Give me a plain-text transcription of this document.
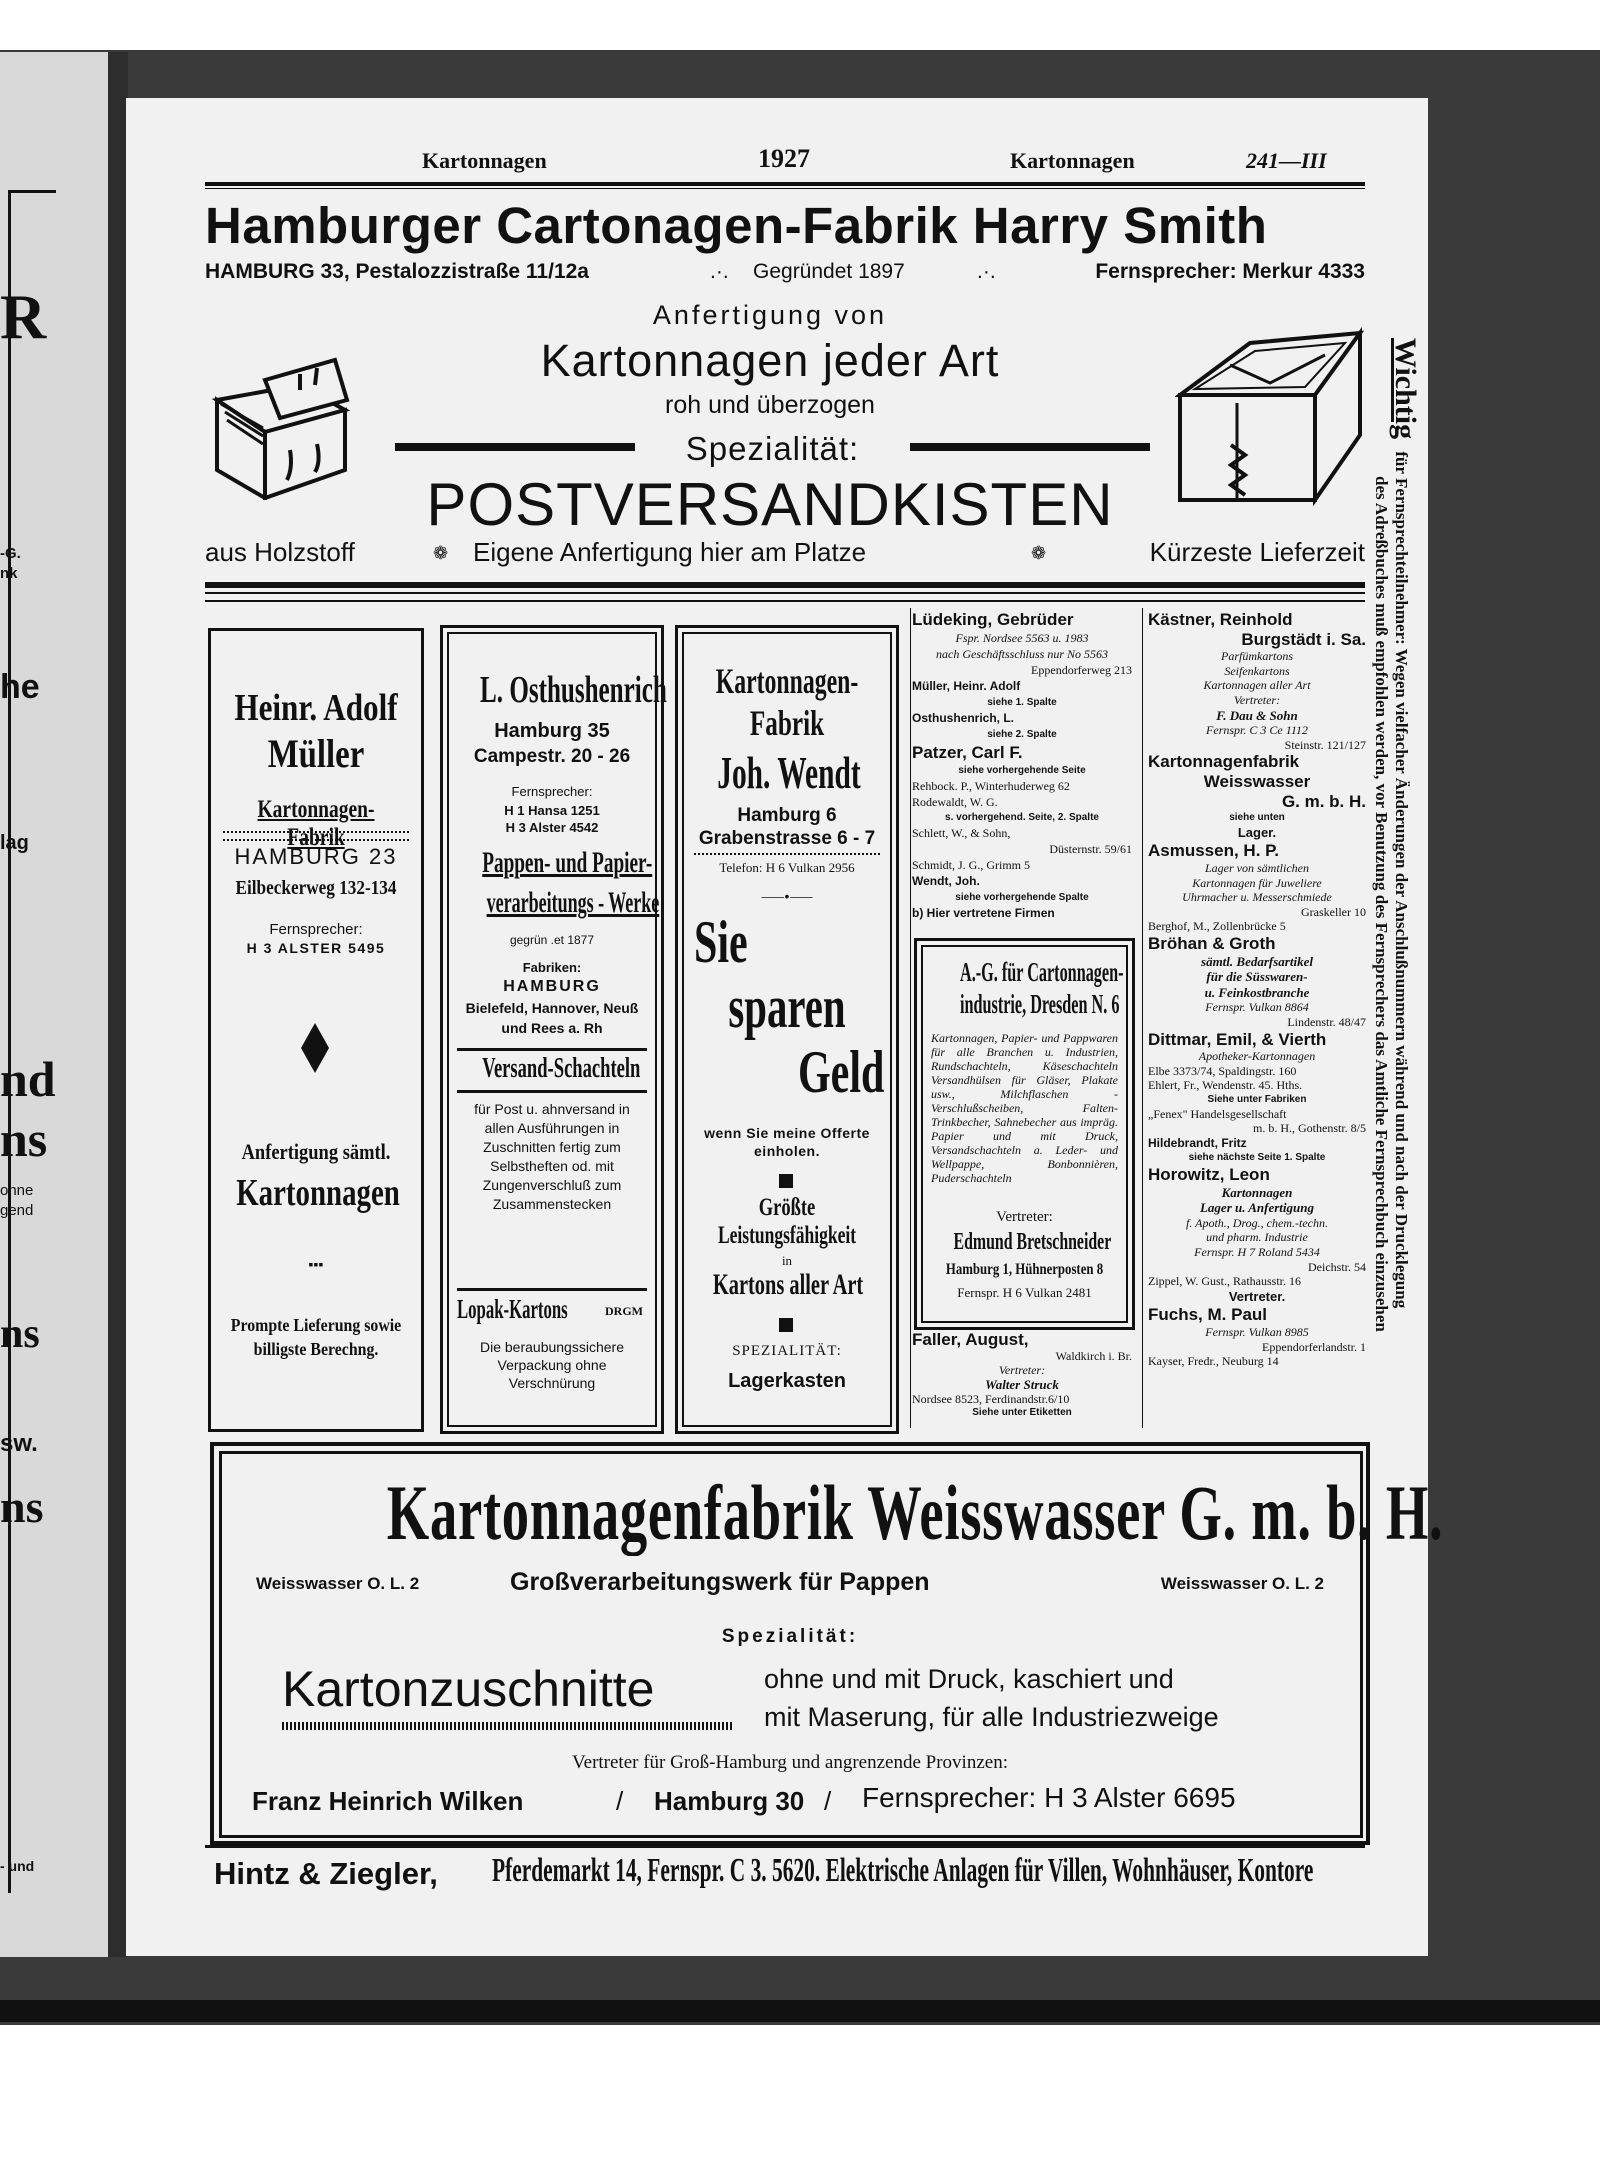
R
-G.
nk
he
lag
nd
ns
ohne
gend
ns
sw.
ns
- und
Kartonnagen	1927	Kartonnagen	241—III
Hamburger Cartonagen-Fabrik Harry Smith
HAMBURG 33, Pestalozzistraße 11/12a	.·. Gegründet 1897	.·.	Fernsprecher: Merkur 4333
Anfertigung von
Kartonnagen jeder Art
roh und überzogen
Spezialität:
POSTVERSANDKISTEN
aus Holzstoff	❁ Eigene Anfertigung hier am Platze	❁	Kürzeste Lieferzeit
Wichtig für Fernsprechteilnehmer: Wegen vielfacher Änderungen der Anschlußnummern während und nach der Drucklegung
des Adreßbuches muß empfohlen werden, vor Benutzung des Fernsprechers das Amtliche Fernsprechbuch einzusehen
Heinr. Adolf
Müller
Kartonnagen-Fabrik
HAMBURG 23
Eilbeckerweg 132-134
Fernsprecher:
H 3 ALSTER 5495
Anfertigung sämtl.
Kartonnagen
▪▪▪
Prompte Lieferung sowie billigste Berechng.
L. Osthushenrich
Hamburg 35
Campestr. 20 - 26
Fernsprecher:
H 1 Hansa 1251
H 3 Alster 4542
Pappen- und Papier-
verarbeitungs - Werke
gegrün .et 1877
Fabriken:
HAMBURG
Bielefeld, Hannover, Neuß
und Rees a. Rh
Versand-Schachteln
für Post u. ahnversand in allen Ausführungen in Zuschnitten fertig zum Selbstheften od. mit Zungenverschluß zum Zusammenstecken
Lopak-Kartons	DRGM
Die beraubungssichere Verpackung ohne Verschnürung
Kartonnagen-
Fabrik
Joh. Wendt
Hamburg 6
Grabenstrasse 6 - 7
Telefon: H 6 Vulkan 2956
⸺•⸺
Sie
sparen
Geld
wenn Sie meine Offerte einholen.
Größte
Leistungsfähigkeit
in
Kartons aller Art
SPEZIALITÄT:
Lagerkasten
Lüdeking, Gebrüder
Fspr. Nordsee 5563 u. 1983
nach Geschäftsschluss nur No 5563
Eppendorferweg 213
Müller, Heinr. Adolf
siehe 1. Spalte
Osthushenrich, L.
siehe 2. Spalte
Patzer, Carl F.
siehe vorhergehende Seite
Rehbock. P., Winterhuderweg 62
Rodewaldt, W. G.
s. vorhergehend. Seite, 2. Spalte
Schlett, W., & Sohn,
Düsternstr. 59/61
Schmidt, J. G., Grimm 5
Wendt, Joh.
siehe vorhergehende Spalte
b) Hier vertretene Firmen
A.-G. für Cartonnagen-
industrie, Dresden N. 6
Kartonnagen, Papier- und Pappwaren für alle Branchen u. Industrien, Rundschachteln, Käseschachteln Versandhülsen für Gläser, Plakate usw., Milchflaschen - Verschlußscheiben, Falten-Trinkbecher, Sahnebecher aus impräg. Papier und mit Druck, Versandschachteln a. Leder- und Wellpappe, Bonbonnièren, Puderschachteln
Vertreter:
Edmund Bretschneider
Hamburg 1, Hühnerposten 8
Fernspr. H 6 Vulkan 2481
Faller, August,
Waldkirch i. Br.
Vertreter:
Walter Struck
Nordsee 8523, Ferdinandstr.6/10
Siehe unter Etiketten
Kästner, Reinhold
Burgstädt i. Sa.
Parfümkartons
Seifenkartons
Kartonnagen aller Art
Vertreter:
F. Dau & Sohn
Fernspr. C 3 Ce 1112
Steinstr. 121/127
Kartonnagenfabrik
Weisswasser
G. m. b. H.
siehe unten
Lager.
Asmussen, H. P.
Lager von sämtlichen
Kartonnagen für Juweliere
Uhrmacher u. Messerschmiede
Graskeller 10
Berghof, M., Zollenbrücke 5
Bröhan & Groth
sämtl. Bedarfsartikel
für die Süsswaren-
u. Feinkostbranche
Fernspr. Vulkan 8864
Lindenstr. 48/47
Dittmar, Emil, & Vierth
Apotheker-Kartonnagen
Elbe 3373/74, Spaldingstr. 160
Ehlert, Fr., Wendenstr. 45. Hths.
Siehe unter Fabriken
„Fenex" Handelsgesellschaft
m. b. H., Gothenstr. 8/5
Hildebrandt, Fritz
siehe nächste Seite 1. Spalte
Horowitz, Leon
Kartonnagen
Lager u. Anfertigung
f. Apoth., Drog., chem.-techn.
und pharm. Industrie
Fernspr. H 7 Roland 5434
Deichstr. 54
Zippel, W. Gust., Rathausstr. 16
Vertreter.
Fuchs, M. Paul
Fernspr. Vulkan 8985
Eppendorferlandstr. 1
Kayser, Fredr., Neuburg 14
Kartonnagenfabrik Weisswasser G. m. b. H.
Weisswasser O. L. 2	Großverarbeitungswerk für Pappen	Weisswasser O. L. 2
Spezialität:
Kartonzuschnitte	ohne und mit Druck, kaschiert und
mit Maserung, für alle Industriezweige
Vertreter für Groß-Hamburg und angrenzende Provinzen:
Franz Heinrich Wilken	/ Hamburg 30 / Fernsprecher: H 3 Alster 6695
Hintz & Ziegler, Pferdemarkt 14, Fernspr. C 3. 5620. Elektrische Anlagen für Villen, Wohnhäuser, Kontore
